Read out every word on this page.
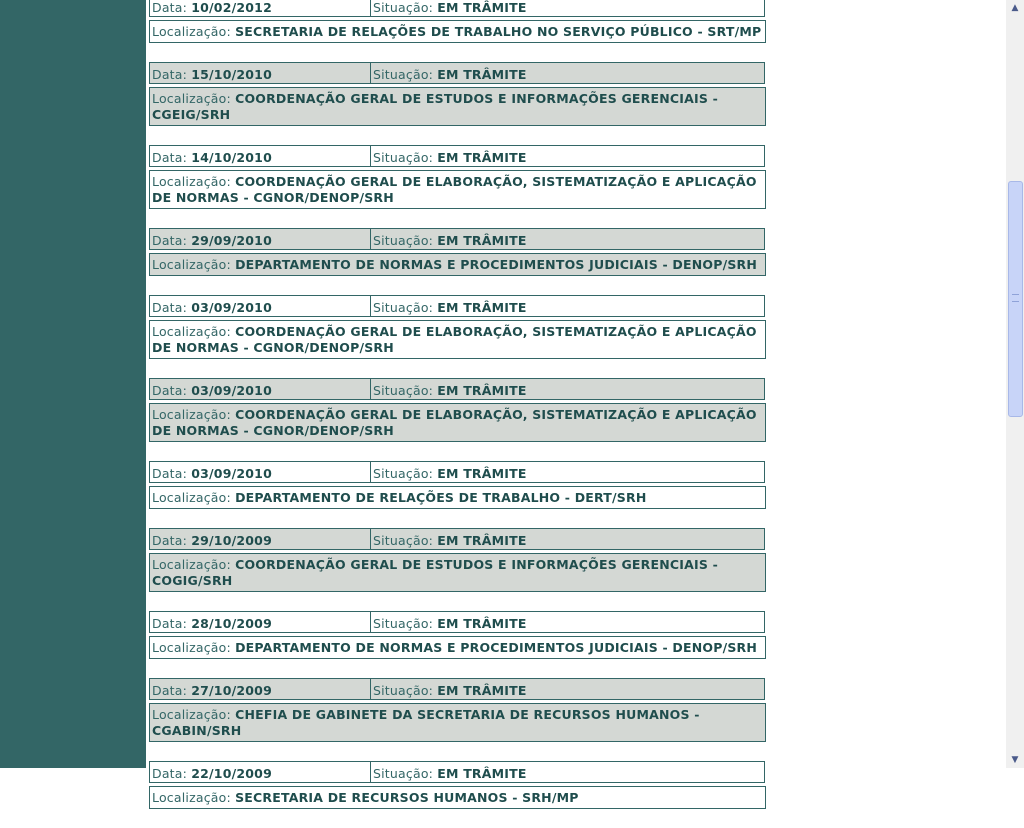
Data: 10/02/2012	Situação: EM TRÂMITE
Localização: SECRETARIA DE RELAÇÕES DE TRABALHO NO SERVIÇO PÚBLICO - SRT/MP
Data: 15/10/2010	Situação: EM TRÂMITE
Localização: COORDENAÇÃO GERAL DE ESTUDOS E INFORMAÇÕES GERENCIAIS - CGEIG/SRH
Data: 14/10/2010	Situação: EM TRÂMITE
Localização: COORDENAÇÃO GERAL DE ELABORAÇÃO, SISTEMATIZAÇÃO E APLICAÇÃO DE NORMAS - CGNOR/DENOP/SRH
Data: 29/09/2010	Situação: EM TRÂMITE
Localização: DEPARTAMENTO DE NORMAS E PROCEDIMENTOS JUDICIAIS - DENOP/SRH
Data: 03/09/2010	Situação: EM TRÂMITE
Localização: COORDENAÇÃO GERAL DE ELABORAÇÃO, SISTEMATIZAÇÃO E APLICAÇÃO DE NORMAS - CGNOR/DENOP/SRH
Data: 03/09/2010	Situação: EM TRÂMITE
Localização: COORDENAÇÃO GERAL DE ELABORAÇÃO, SISTEMATIZAÇÃO E APLICAÇÃO DE NORMAS - CGNOR/DENOP/SRH
Data: 03/09/2010	Situação: EM TRÂMITE
Localização: DEPARTAMENTO DE RELAÇÕES DE TRABALHO - DERT/SRH
Data: 29/10/2009	Situação: EM TRÂMITE
Localização: COORDENAÇÃO GERAL DE ESTUDOS E INFORMAÇÕES GERENCIAIS - COGIG/SRH
Data: 28/10/2009	Situação: EM TRÂMITE
Localização: DEPARTAMENTO DE NORMAS E PROCEDIMENTOS JUDICIAIS - DENOP/SRH
Data: 27/10/2009	Situação: EM TRÂMITE
Localização: CHEFIA DE GABINETE DA SECRETARIA DE RECURSOS HUMANOS - CGABIN/SRH
Data: 22/10/2009	Situação: EM TRÂMITE
Localização: SECRETARIA DE RECURSOS HUMANOS - SRH/MP
▲
▼
